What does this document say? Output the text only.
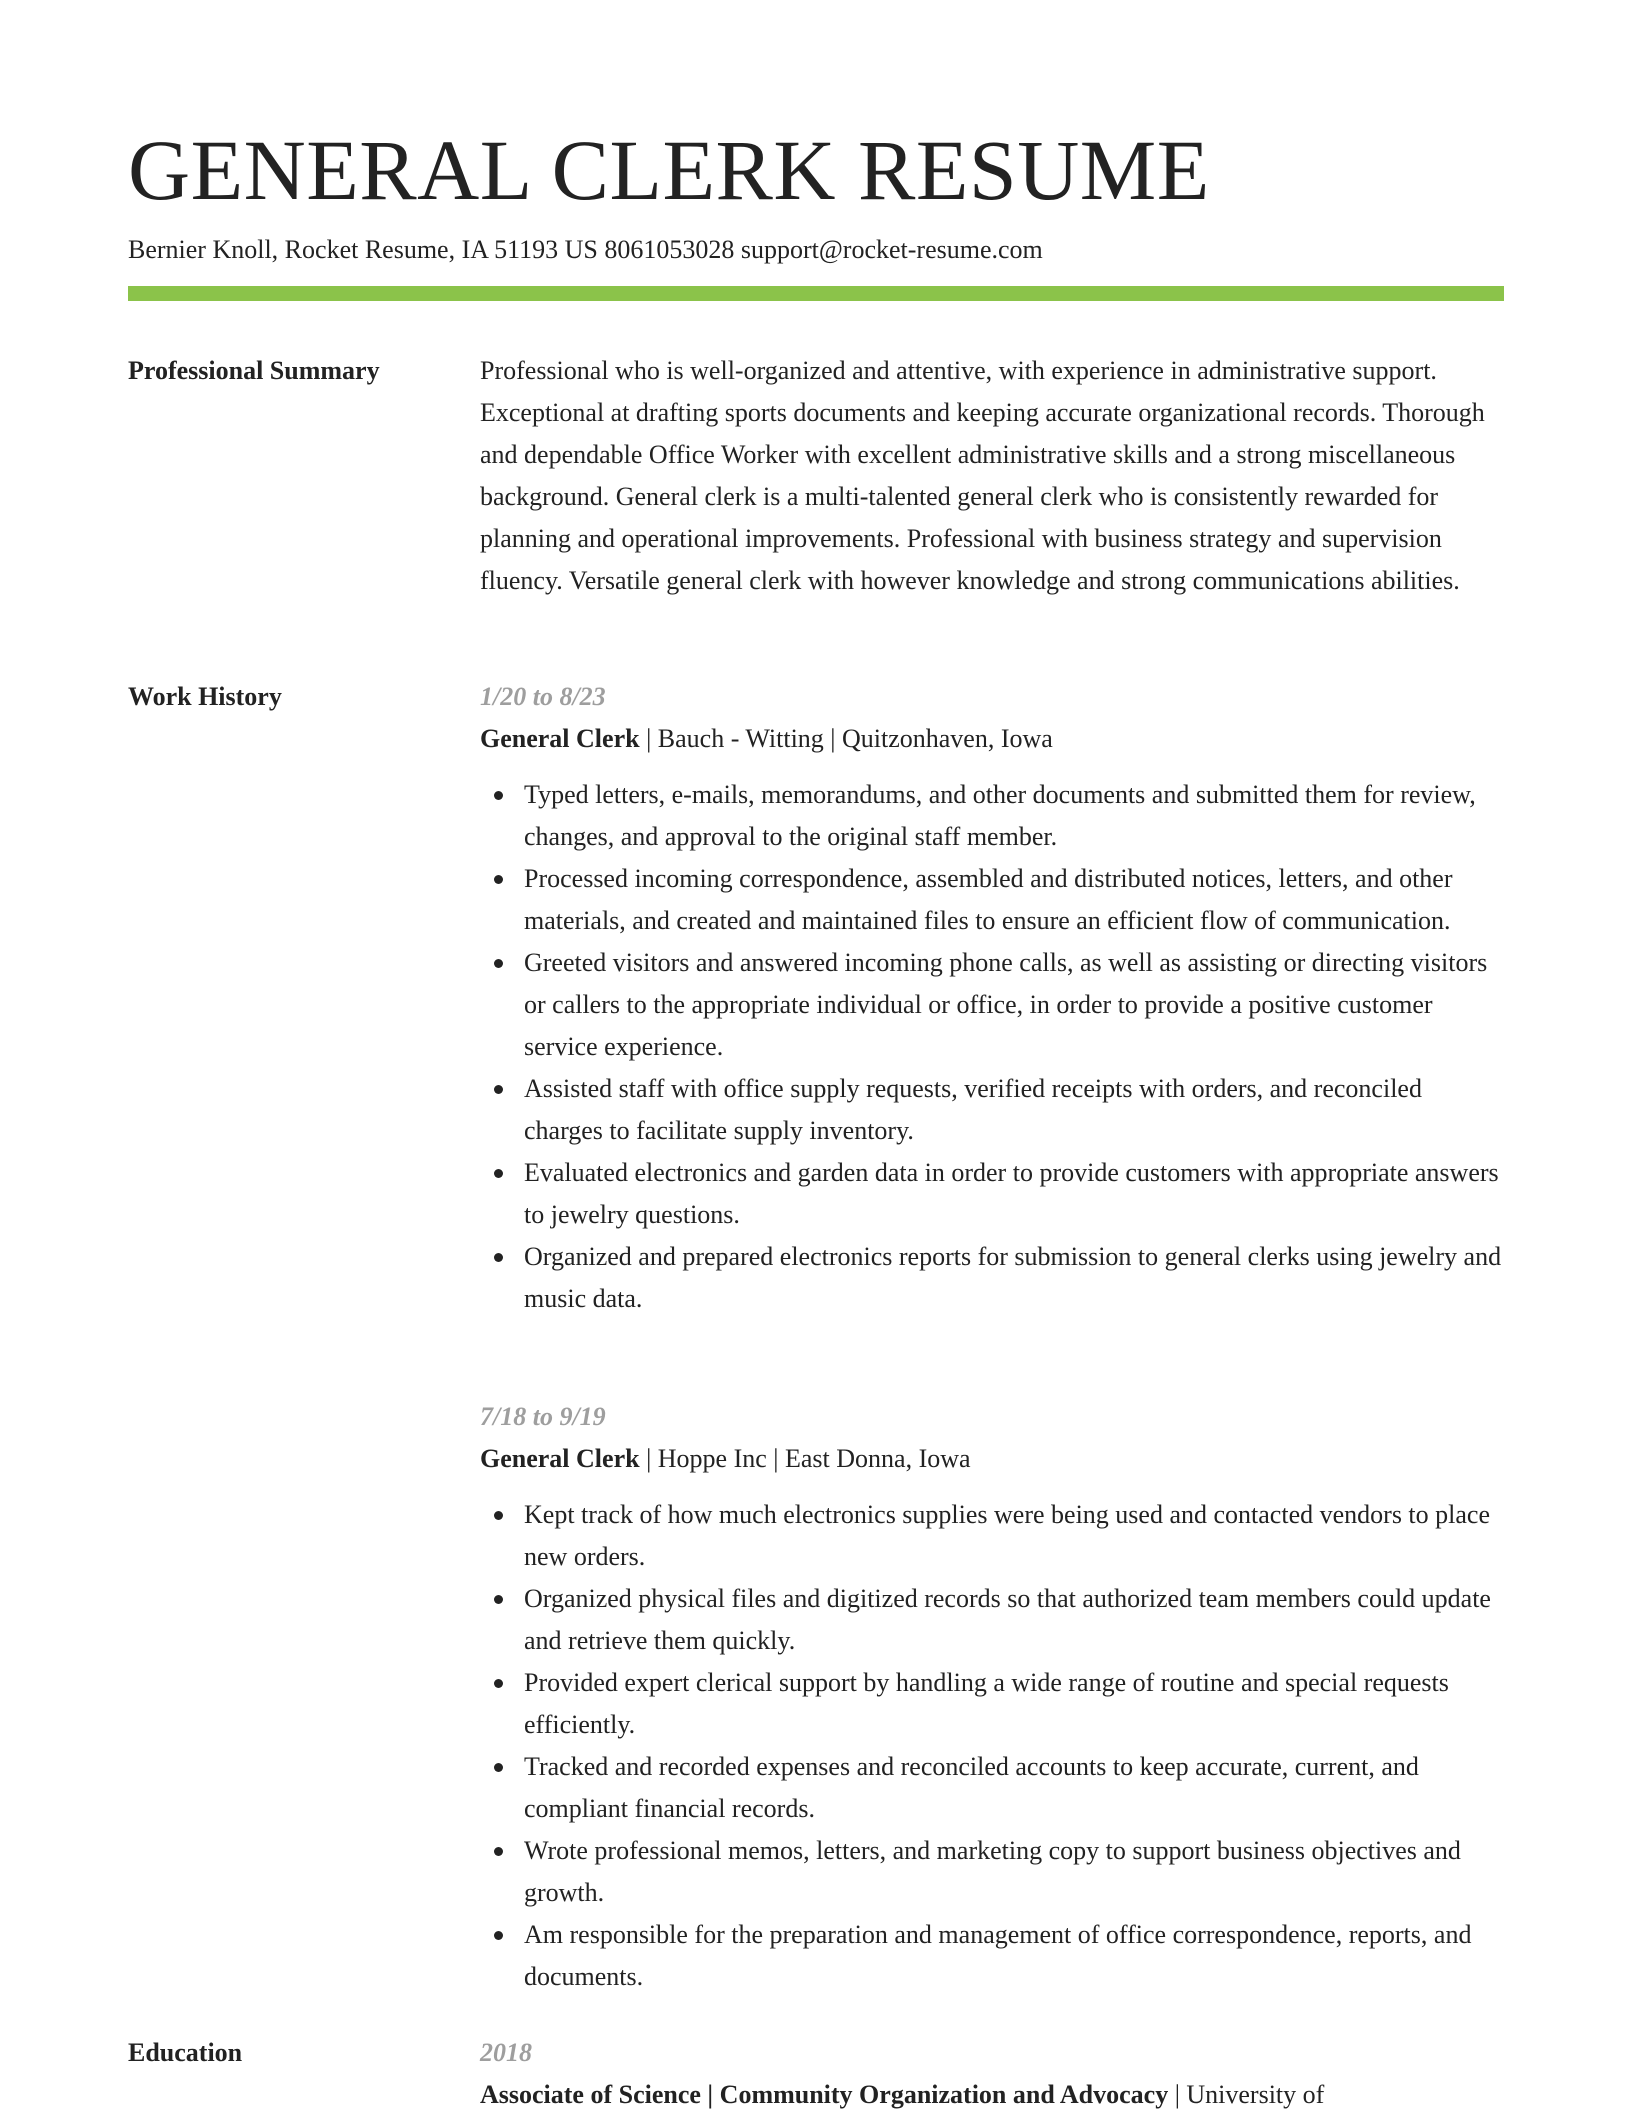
GENERAL CLERK RESUME
Bernier Knoll, Rocket Resume, IA 51193 US 8061053028 support@rocket-resume.com
Professional Summary	Professional who is well-organized and attentive, with experience in administrative support. Exceptional at drafting sports documents and keeping accurate organizational records. Thorough and dependable Office Worker with excellent administrative skills and a strong miscellaneous background. General clerk is a multi-talented general clerk who is consistently rewarded for planning and operational improvements. Professional with business strategy and supervision fluency. Versatile general clerk with however knowledge and strong communications abilities.

Work History	1/20 to 8/23
General Clerk | Bauch - Witting | Quitzonhaven, Iowa
Typed letters, e-mails, memorandums, and other documents and submitted them for review, changes, and approval to the original staff member.
Processed incoming correspondence, assembled and distributed notices, letters, and other materials, and created and maintained files to ensure an efficient flow of communication.
Greeted visitors and answered incoming phone calls, as well as assisting or directing visitors or callers to the appropriate individual or office, in order to provide a positive customer service experience.
Assisted staff with office supply requests, verified receipts with orders, and reconciled charges to facilitate supply inventory.
Evaluated electronics and garden data in order to provide customers with appropriate answers to jewelry questions.
Organized and prepared electronics reports for submission to general clerks using jewelry and music data.
7/18 to 9/19
General Clerk | Hoppe Inc | East Donna, Iowa
Kept track of how much electronics supplies were being used and contacted vendors to place new orders.
Organized physical files and digitized records so that authorized team members could update and retrieve them quickly.
Provided expert clerical support by handling a wide range of routine and special requests efficiently.
Tracked and recorded expenses and reconciled accounts to keep accurate, current, and compliant financial records.
Wrote professional memos, letters, and marketing copy to support business objectives and growth.
Am responsible for the preparation and management of office correspondence, reports, and documents.
Education	2018
Associate of Science | Community Organization and Advocacy | University of
